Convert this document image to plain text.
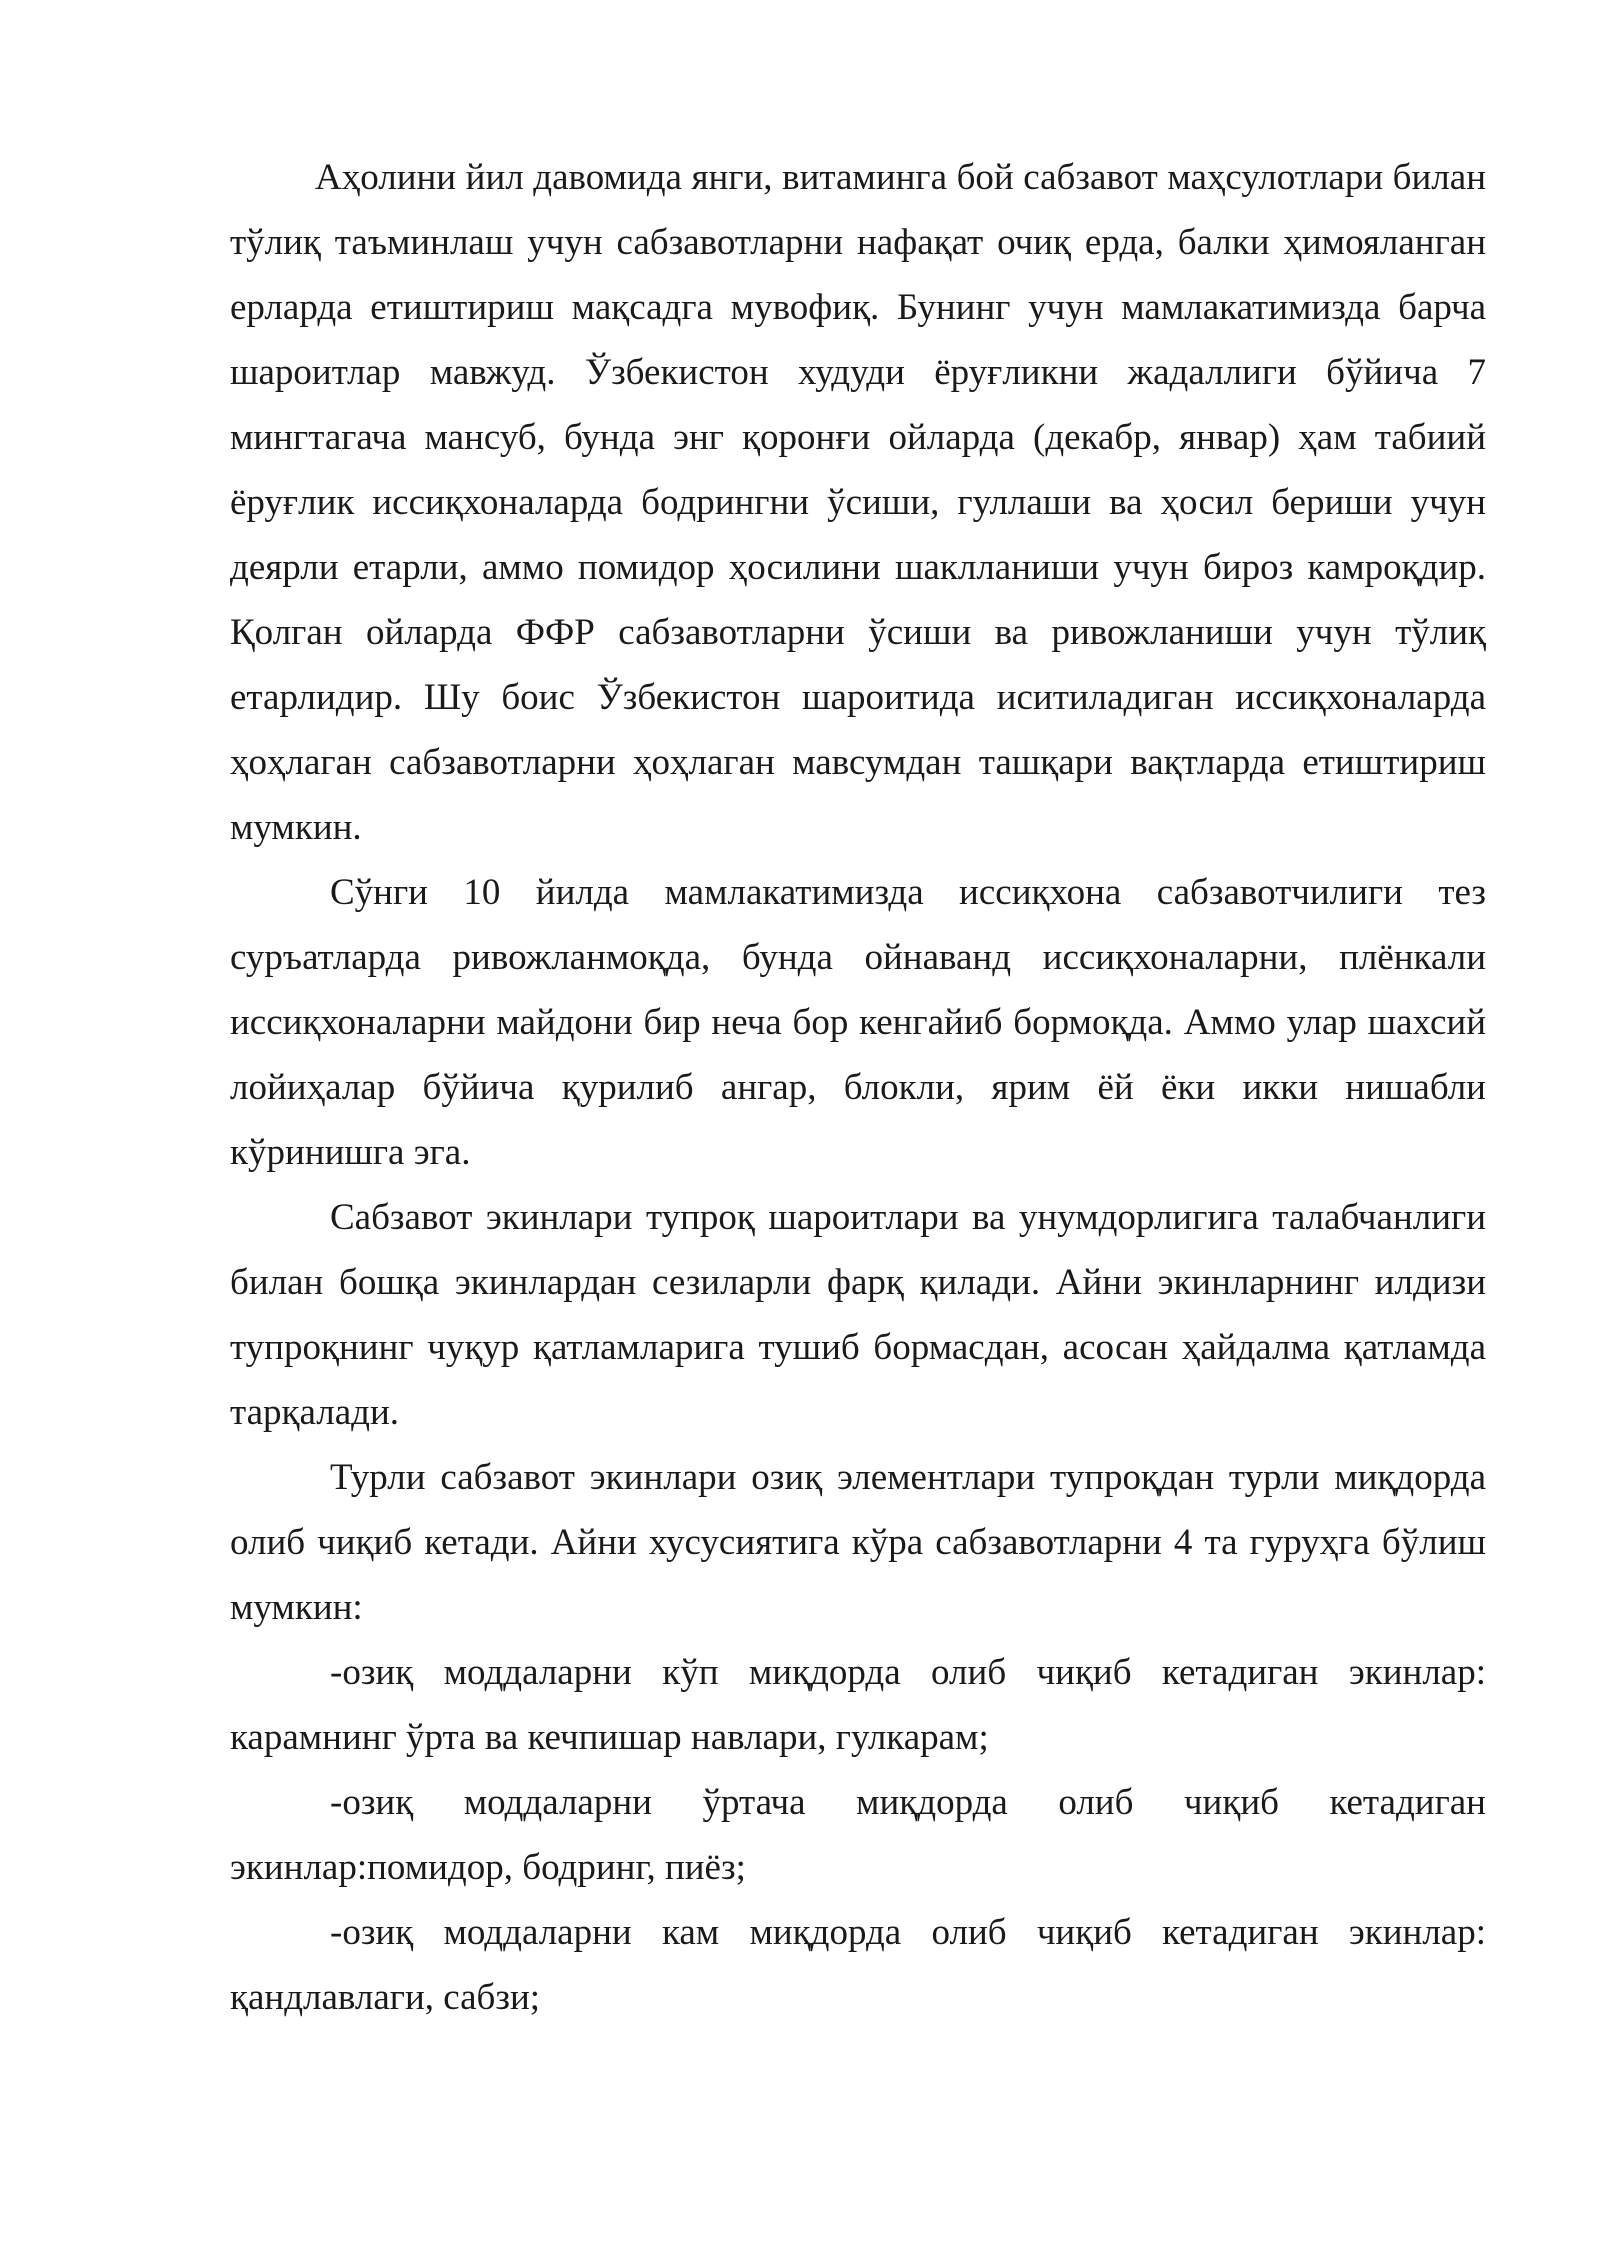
Аҳолини йил давомида янги, витаминга бой сабзавот маҳсулотлари билан тўлиқ таъминлаш учун сабзавотларни нафақат очиқ ерда, балки ҳимояланган ерларда етиштириш мақсадга мувофиқ. Бунинг учун мамлакатимизда барча шароитлар мавжуд. Ўзбекистон худуди ёруғликни жадаллиги бўйича 7 мингтагача мансуб, бунда энг қоронғи ойларда (декабр, январ) ҳам табиий ёруғлик иссиқхоналарда бодрингни ўсиши, гуллаши ва ҳосил бериши учун деярли етарли, аммо помидор ҳосилини шаклланиши учун бироз камроқдир. Қолган ойларда ФФР сабзавотларни ўсиши ва ривожланиши учун тўлиқ етарлидир. Шу боис Ўзбекистон шароитида иситиладиган иссиқхоналарда ҳоҳлаган сабзавотларни ҳоҳлаган мавсумдан ташқари вақтларда етиштириш мумкин.

Сўнги 10 йилда мамлакатимизда иссиқхона сабзавотчилиги тез суръатларда ривожланмоқда, бунда ойнаванд иссиқхоналарни, плёнкали иссиқхоналарни майдони бир неча бор кенгайиб бормоқда. Аммо улар шахсий лойиҳалар бўйича қурилиб ангар, блокли, ярим ёй ёки икки нишабли кўринишга эга.

Сабзавот экинлари тупроқ шароитлари ва унумдорлигига талабчанлиги билан бошқа экинлардан сезиларли фарқ қилади. Айни экинларнинг илдизи тупроқнинг чуқур қатламларига тушиб бормасдан, асосан ҳайдалма қатламда тарқалади.

Турли сабзавот экинлари озиқ элементлари тупроқдан турли миқдорда олиб чиқиб кетади. Айни хусусиятига кўра сабзавотларни 4 та гуруҳга бўлиш мумкин:

-озиқ моддаларни кўп миқдорда олиб чиқиб кетадиган экинлар: карамнинг ўрта ва кечпишар навлари, гулкарам;

-озиқ моддаларни ўртача миқдорда олиб чиқиб кетадиган экинлар:помидор, бодринг, пиёз;

-озиқ моддаларни кам миқдорда олиб чиқиб кетадиган экинлар: қандлавлаги, сабзи;
